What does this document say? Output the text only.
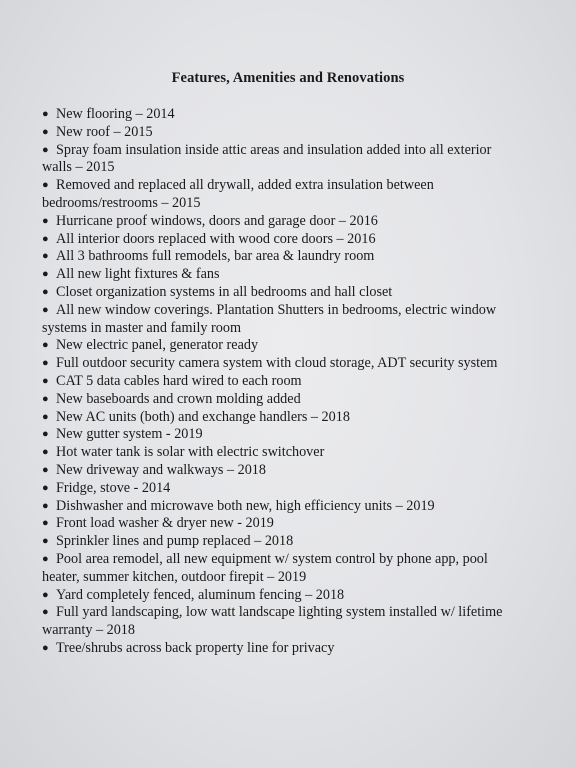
Features, Amenities and Renovations
● New flooring – 2014
● New roof – 2015
● Spray foam insulation inside attic areas and insulation added into all exterior
walls – 2015
● Removed and replaced all drywall, added extra insulation between
bedrooms/restrooms – 2015
● Hurricane proof windows, doors and garage door – 2016
● All interior doors replaced with wood core doors – 2016
● All 3 bathrooms full remodels, bar area & laundry room
● All new light fixtures & fans
● Closet organization systems in all bedrooms and hall closet
● All new window coverings. Plantation Shutters in bedrooms, electric window
systems in master and family room
● New electric panel, generator ready
● Full outdoor security camera system with cloud storage, ADT security system
● CAT 5 data cables hard wired to each room
● New baseboards and crown molding added
● New AC units (both) and exchange handlers – 2018
● New gutter system - 2019
● Hot water tank is solar with electric switchover
● New driveway and walkways – 2018
● Fridge, stove - 2014
● Dishwasher and microwave both new, high efficiency units – 2019
● Front load washer & dryer new - 2019
● Sprinkler lines and pump replaced – 2018
● Pool area remodel, all new equipment w/ system control by phone app, pool
heater, summer kitchen, outdoor firepit – 2019
● Yard completely fenced, aluminum fencing – 2018
● Full yard landscaping, low watt landscape lighting system installed w/ lifetime
warranty – 2018
● Tree/shrubs across back property line for privacy
